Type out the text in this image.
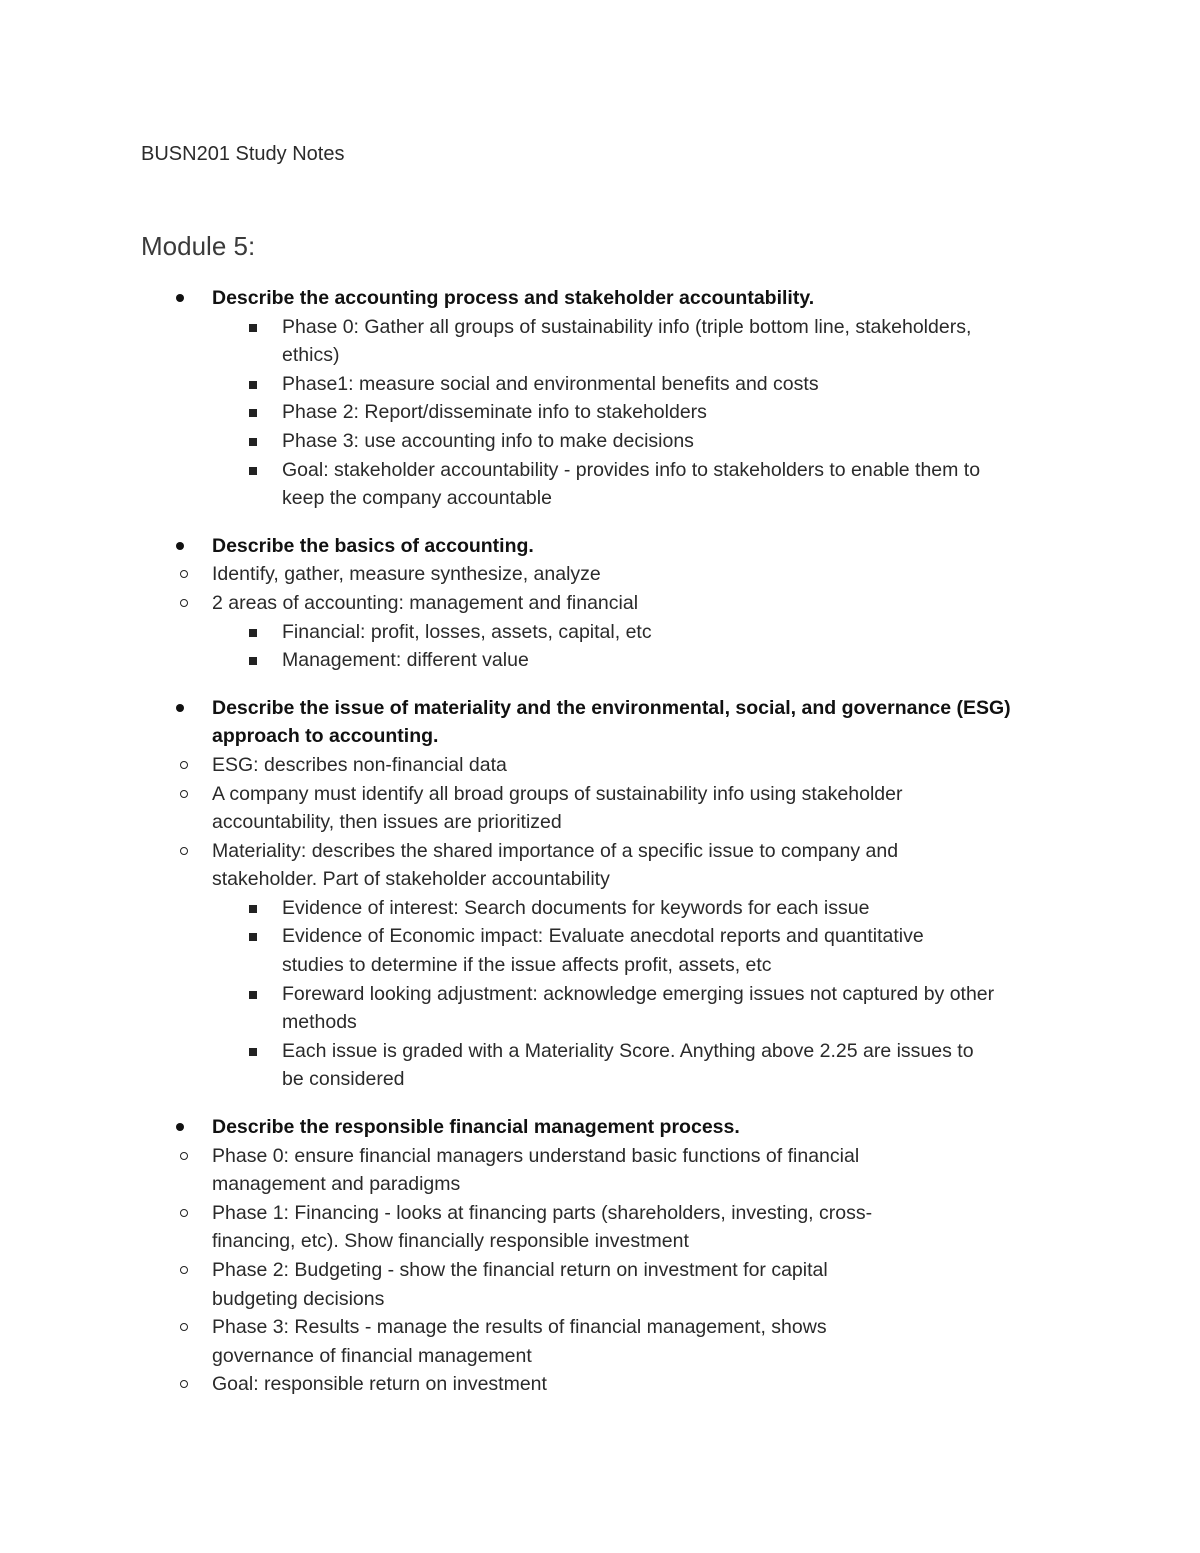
BUSN201 Study Notes
Module 5:
Describe the accounting process and stakeholder accountability.
Phase 0: Gather all groups of sustainability info (triple bottom line, stakeholders, ethics)
Phase1: measure social and environmental benefits and costs
Phase 2: Report/disseminate info to stakeholders
Phase 3: use accounting info to make decisions
Goal: stakeholder accountability - provides info to stakeholders to enable them to keep the company accountable
Describe the basics of accounting.
Identify, gather, measure synthesize, analyze
2 areas of accounting: management and financial
Financial: profit, losses, assets, capital, etc
Management: different value
Describe the issue of materiality and the environmental, social, and governance (ESG) approach to accounting.
ESG: describes non-financial data
A company must identify all broad groups of sustainability info using stakeholder accountability, then issues are prioritized
Materiality: describes the shared importance of a specific issue to company and stakeholder. Part of stakeholder accountability
Evidence of interest: Search documents for keywords for each issue
Evidence of Economic impact: Evaluate anecdotal reports and quantitative studies to determine if the issue affects profit, assets, etc
Foreward looking adjustment: acknowledge emerging issues not captured by other methods
Each issue is graded with a Materiality Score. Anything above 2.25 are issues to be considered
Describe the responsible financial management process.
Phase 0: ensure financial managers understand basic functions of financial management and paradigms
Phase 1: Financing - looks at financing parts (shareholders, investing, cross-financing, etc). Show financially responsible investment
Phase 2: Budgeting - show the financial return on investment for capital budgeting decisions
Phase 3: Results - manage the results of financial management, shows governance of financial management
Goal: responsible return on investment
